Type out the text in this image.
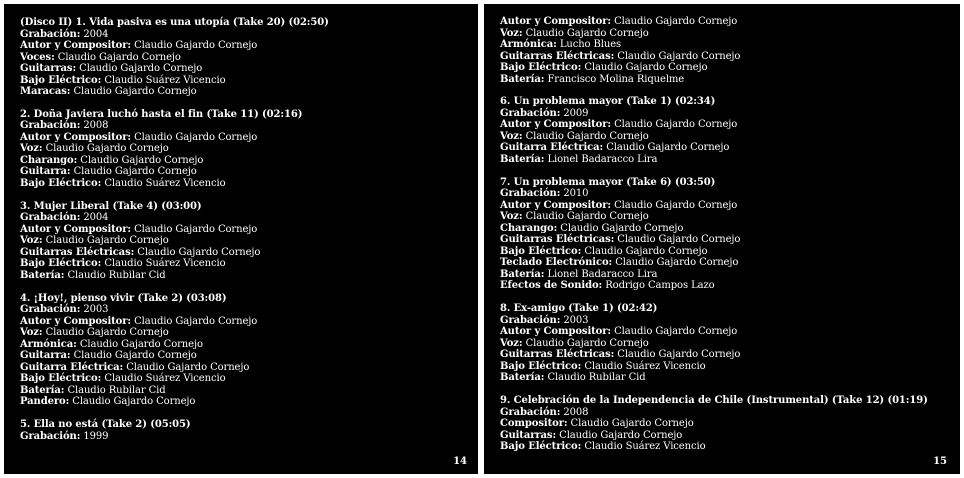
(Disco II) 1. Vida pasiva es una utopía (Take 20) (02:50)
Grabación: 2004
Autor y Compositor: Claudio Gajardo Cornejo
Voces: Claudio Gajardo Cornejo
Guitarras: Claudio Gajardo Cornejo
Bajo Eléctrico: Claudio Suárez Vicencio
Maracas: Claudio Gajardo Cornejo
2. Doña Javiera luchó hasta el fin (Take 11) (02:16)
Grabación: 2008
Autor y Compositor: Claudio Gajardo Cornejo
Voz: Claudio Gajardo Cornejo
Charango: Claudio Gajardo Cornejo
Guitarra: Claudio Gajardo Cornejo
Bajo Eléctrico: Claudio Suárez Vicencio
3. Mujer Liberal (Take 4) (03:00)
Grabación: 2004
Autor y Compositor: Claudio Gajardo Cornejo
Voz: Claudio Gajardo Cornejo
Guitarras Eléctricas: Claudio Gajardo Cornejo
Bajo Eléctrico: Claudio Suárez Vicencio
Batería: Claudio Rubilar Cid
4. ¡Hoy!, pienso vivir (Take 2) (03:08)
Grabación: 2003
Autor y Compositor: Claudio Gajardo Cornejo
Voz: Claudio Gajardo Cornejo
Armónica: Claudio Gajardo Cornejo
Guitarra: Claudio Gajardo Cornejo
Guitarra Eléctrica: Claudio Gajardo Cornejo
Bajo Eléctrico: Claudio Suárez Vicencio
Batería: Claudio Rubilar Cid
Pandero: Claudio Gajardo Cornejo
5. Ella no está (Take 2) (05:05)
Grabación: 1999
14
Autor y Compositor: Claudio Gajardo Cornejo
Voz: Claudio Gajardo Cornejo
Armónica: Lucho Blues
Guitarras Eléctricas: Claudio Gajardo Cornejo
Bajo Eléctrico: Claudio Gajardo Cornejo
Batería: Francisco Molina Riquelme
6. Un problema mayor (Take 1) (02:34)
Grabación: 2009
Autor y Compositor: Claudio Gajardo Cornejo
Voz: Claudio Gajardo Cornejo
Guitarra Eléctrica: Claudio Gajardo Cornejo
Batería: Lionel Badaracco Lira
7. Un problema mayor (Take 6) (03:50)
Grabación: 2010
Autor y Compositor: Claudio Gajardo Cornejo
Voz: Claudio Gajardo Cornejo
Charango: Claudio Gajardo Cornejo
Guitarras Eléctricas: Claudio Gajardo Cornejo
Bajo Eléctrico: Claudio Gajardo Cornejo
Teclado Electrónico: Claudio Gajardo Cornejo
Batería: Lionel Badaracco Lira
Efectos de Sonido: Rodrigo Campos Lazo
8. Ex-amigo (Take 1) (02:42)
Grabación: 2003
Autor y Compositor: Claudio Gajardo Cornejo
Voz: Claudio Gajardo Cornejo
Guitarras Eléctricas: Claudio Gajardo Cornejo
Bajo Eléctrico: Claudio Suárez Vicencio
Batería: Claudio Rubilar Cid
9. Celebración de la Independencia de Chile (Instrumental) (Take 12) (01:19)
Grabación: 2008
Compositor: Claudio Gajardo Cornejo
Guitarras: Claudio Gajardo Cornejo
Bajo Eléctrico: Claudio Suárez Vicencio
15
